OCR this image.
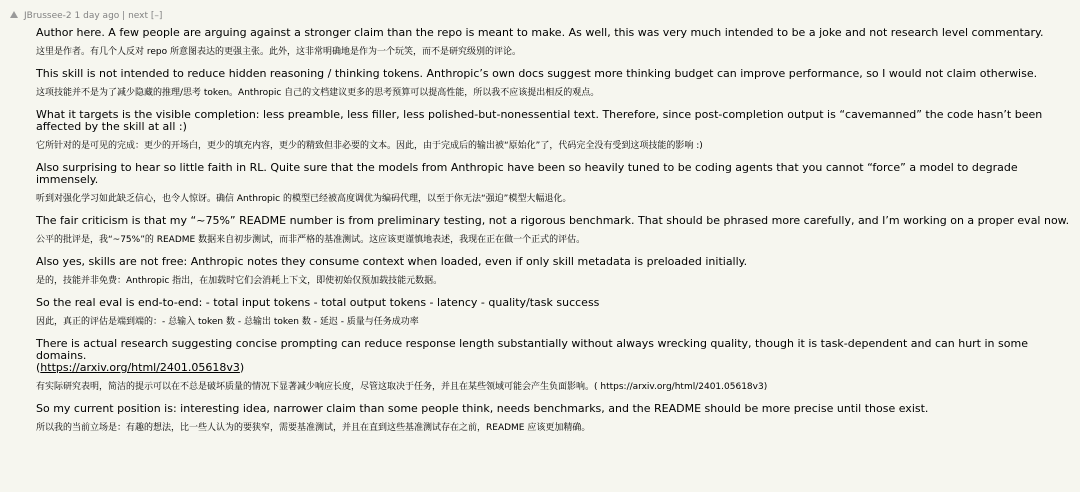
JBrussee-2 1 day ago | next [–]

Author here. A few people are arguing against a stronger claim than the repo is meant to make. As well, this was very much intended to be a joke and not research level commentary.

这里是作者。有几个人反对 repo 所意图表达的更强主张。此外，这非常明确地是作为一个玩笑，而不是研究级别的评论。

This skill is not intended to reduce hidden reasoning / thinking tokens. Anthropic’s own docs suggest more thinking budget can improve performance, so I would not claim otherwise.

这项技能并不是为了减少隐藏的推理/思考 token。Anthropic 自己的文档建议更多的思考预算可以提高性能，所以我不应该提出相反的观点。

What it targets is the visible completion: less preamble, less filler, less polished-but-nonessential text. Therefore, since post-completion output is “cavemanned” the code hasn’t been affected by the skill at all :)

它所针对的是可见的完成：更少的开场白，更少的填充内容，更少的精致但非必要的文本。因此，由于完成后的输出被“原始化”了，代码完全没有受到这项技能的影响 :)

Also surprising to hear so little faith in RL. Quite sure that the models from Anthropic have been so heavily tuned to be coding agents that you cannot “force” a model to degrade immensely.

听到对强化学习如此缺乏信心，也令人惊讶。确信 Anthropic 的模型已经被高度调优为编码代理，以至于你无法“强迫”模型大幅退化。

The fair criticism is that my “~75%” README number is from preliminary testing, not a rigorous benchmark. That should be phrased more carefully, and I’m working on a proper eval now.

公平的批评是，我“~75%”的 README 数据来自初步测试，而非严格的基准测试。这应该更谨慎地表述，我现在正在做一个正式的评估。

Also yes, skills are not free: Anthropic notes they consume context when loaded, even if only skill metadata is preloaded initially.

是的，技能并非免费：Anthropic 指出，在加载时它们会消耗上下文，即使初始仅预加载技能元数据。

So the real eval is end-to-end: - total input tokens - total output tokens - latency - quality/task success

因此，真正的评估是端到端的：- 总输入 token 数 - 总输出 token 数 - 延迟 - 质量与任务成功率

There is actual research suggesting concise prompting can reduce response length substantially without always wrecking quality, though it is task-dependent and can hurt in some domains.
(https://arxiv.org/html/2401.05618v3)

有实际研究表明，简洁的提示可以在不总是破坏质量的情况下显著减少响应长度，尽管这取决于任务，并且在某些领域可能会产生负面影响。( https://arxiv.org/html/2401.05618v3)

So my current position is: interesting idea, narrower claim than some people think, needs benchmarks, and the README should be more precise until those exist.

所以我的当前立场是：有趣的想法，比一些人认为的要狭窄，需要基准测试，并且在直到这些基准测试存在之前，README 应该更加精确。
